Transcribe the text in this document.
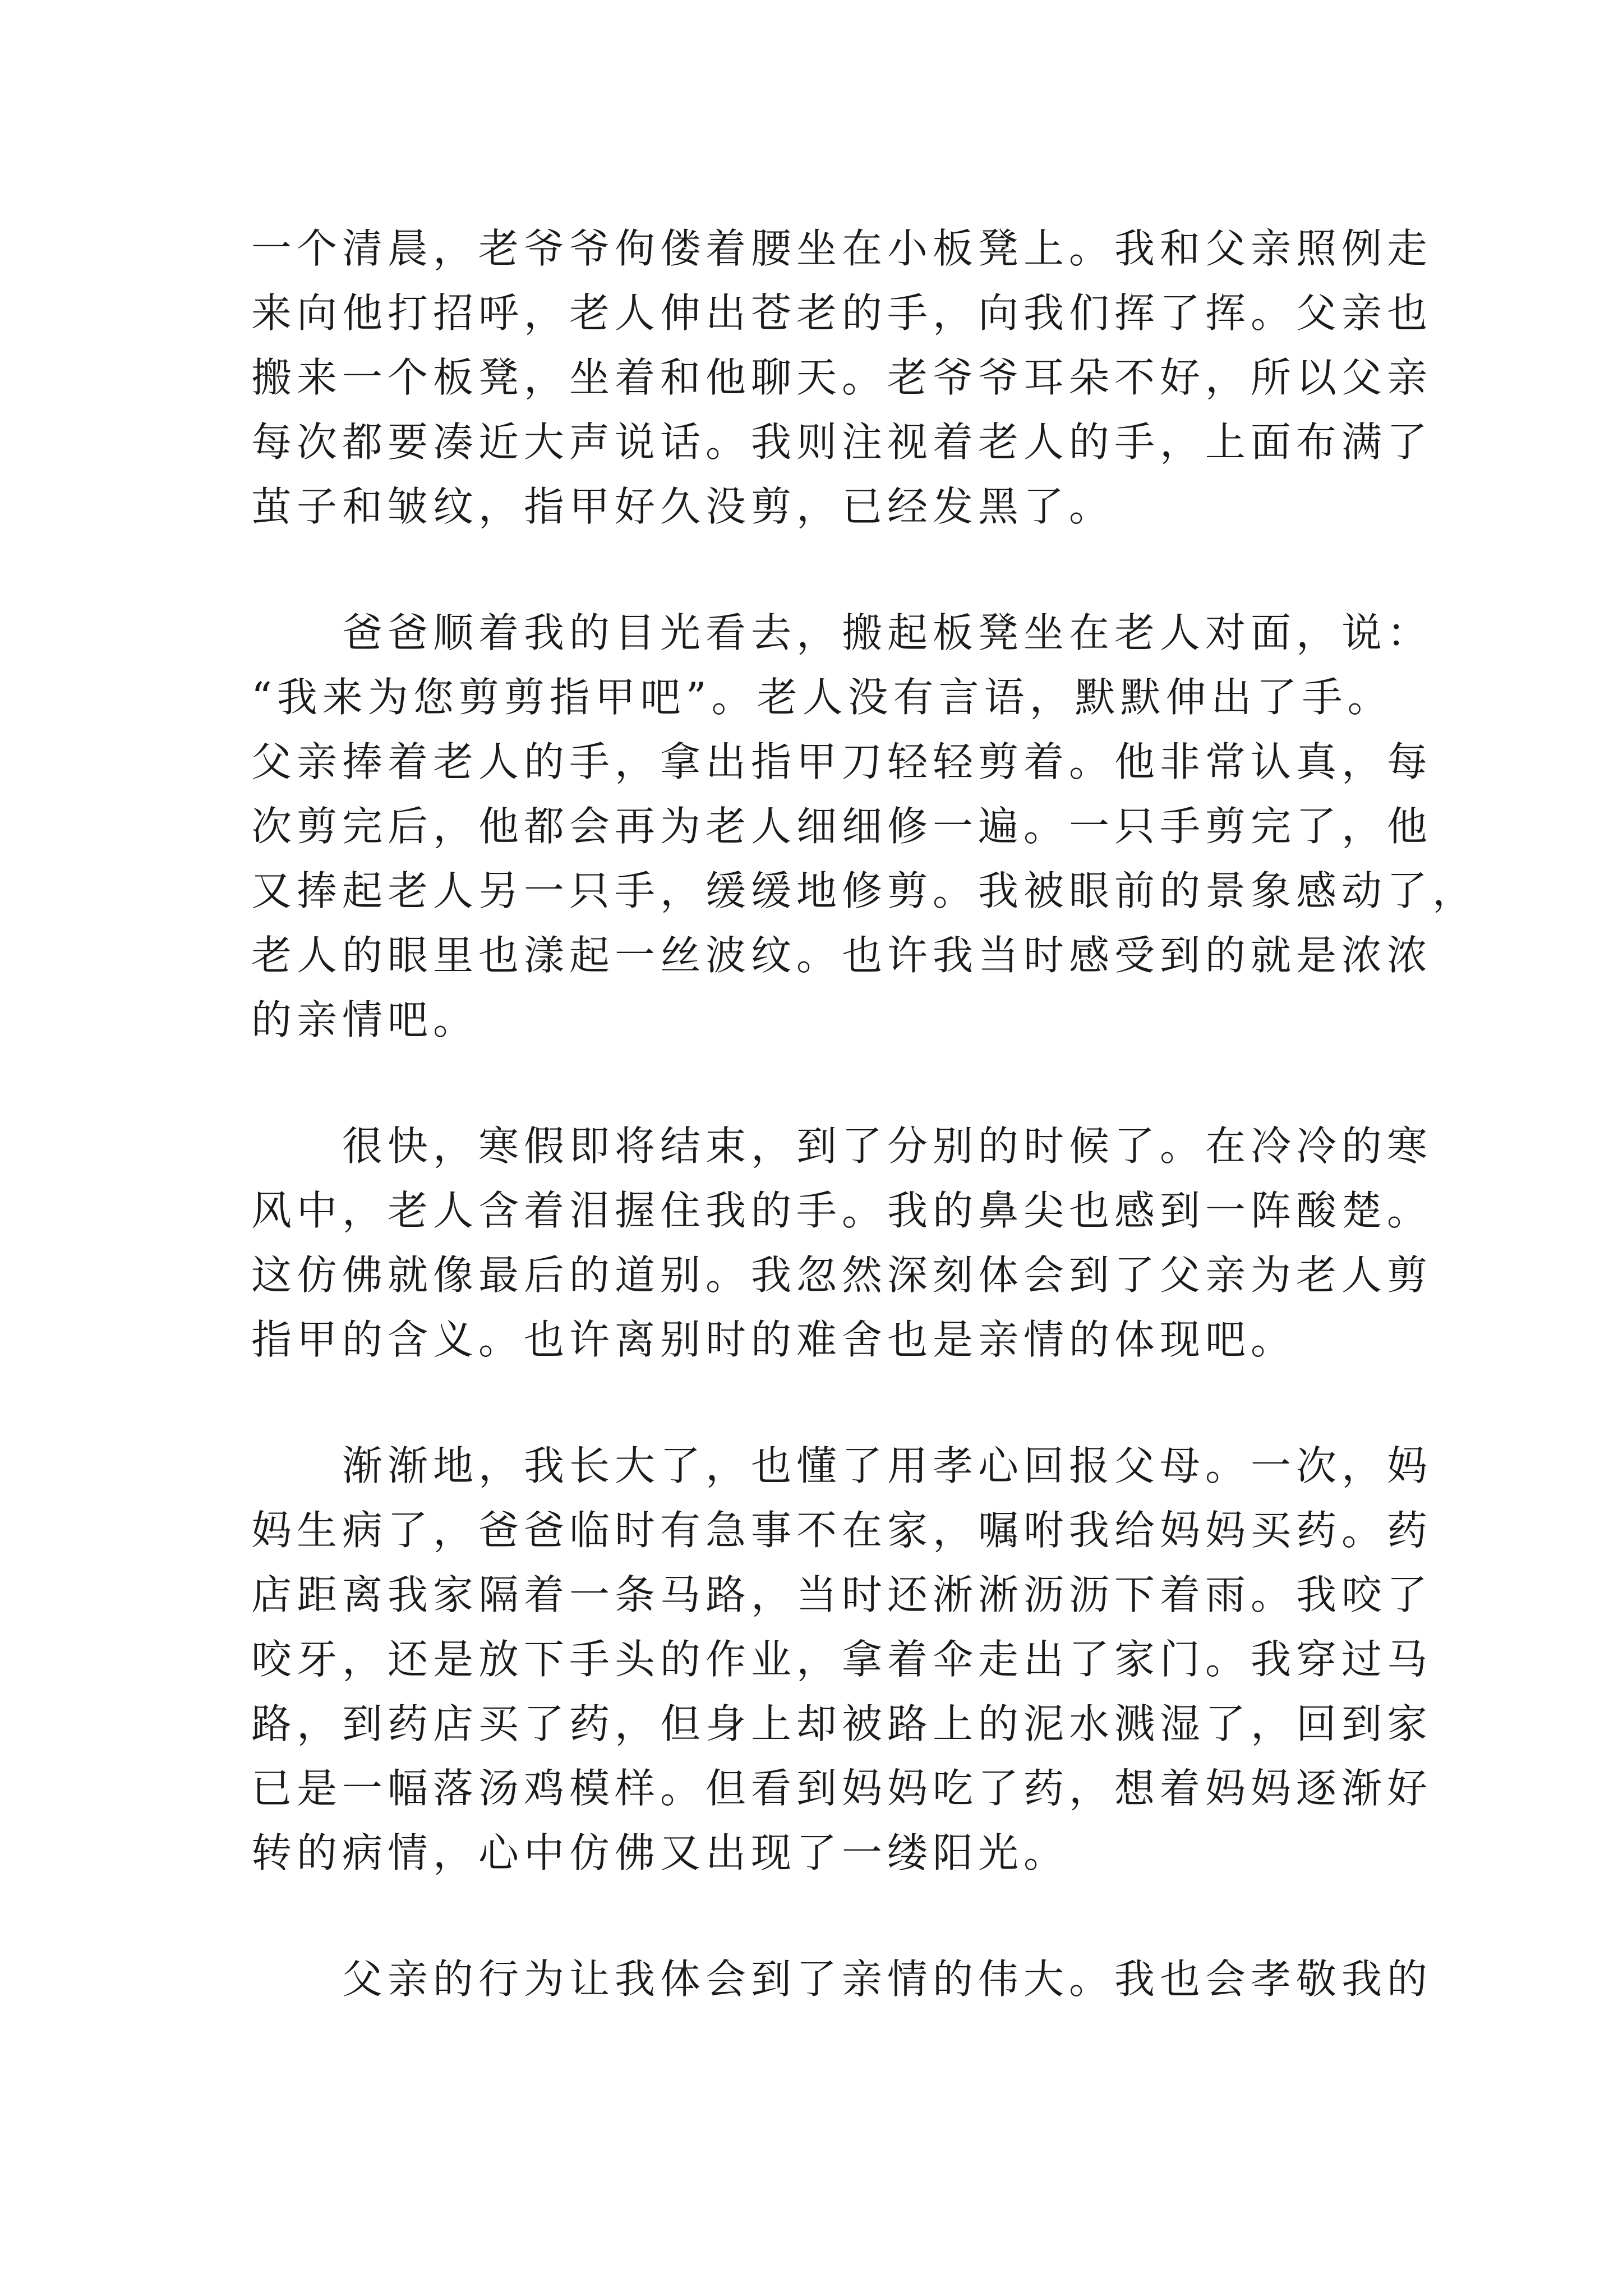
一个清晨，老爷爷佝偻着腰坐在小板凳上。我和父亲照例走
来向他打招呼，老人伸出苍老的手，向我们挥了挥。父亲也
搬来一个板凳，坐着和他聊天。老爷爷耳朵不好，所以父亲
每次都要凑近大声说话。我则注视着老人的手，上面布满了
茧子和皱纹，指甲好久没剪，已经发黑了。
　　爸爸顺着我的目光看去，搬起板凳坐在老人对面，说：
“我来为您剪剪指甲吧”。老人没有言语，默默伸出了手。
父亲捧着老人的手，拿出指甲刀轻轻剪着。他非常认真，每
次剪完后，他都会再为老人细细修一遍。一只手剪完了，他
又捧起老人另一只手，缓缓地修剪。我被眼前的景象感动了，
老人的眼里也漾起一丝波纹。也许我当时感受到的就是浓浓
的亲情吧。
　　很快，寒假即将结束，到了分别的时候了。在冷冷的寒
风中，老人含着泪握住我的手。我的鼻尖也感到一阵酸楚。
这仿佛就像最后的道别。我忽然深刻体会到了父亲为老人剪
指甲的含义。也许离别时的难舍也是亲情的体现吧。
　　渐渐地，我长大了，也懂了用孝心回报父母。一次，妈
妈生病了，爸爸临时有急事不在家，嘱咐我给妈妈买药。药
店距离我家隔着一条马路，当时还淅淅沥沥下着雨。我咬了
咬牙，还是放下手头的作业，拿着伞走出了家门。我穿过马
路，到药店买了药，但身上却被路上的泥水溅湿了，回到家
已是一幅落汤鸡模样。但看到妈妈吃了药，想着妈妈逐渐好
转的病情，心中仿佛又出现了一缕阳光。
　　父亲的行为让我体会到了亲情的伟大。我也会孝敬我的
